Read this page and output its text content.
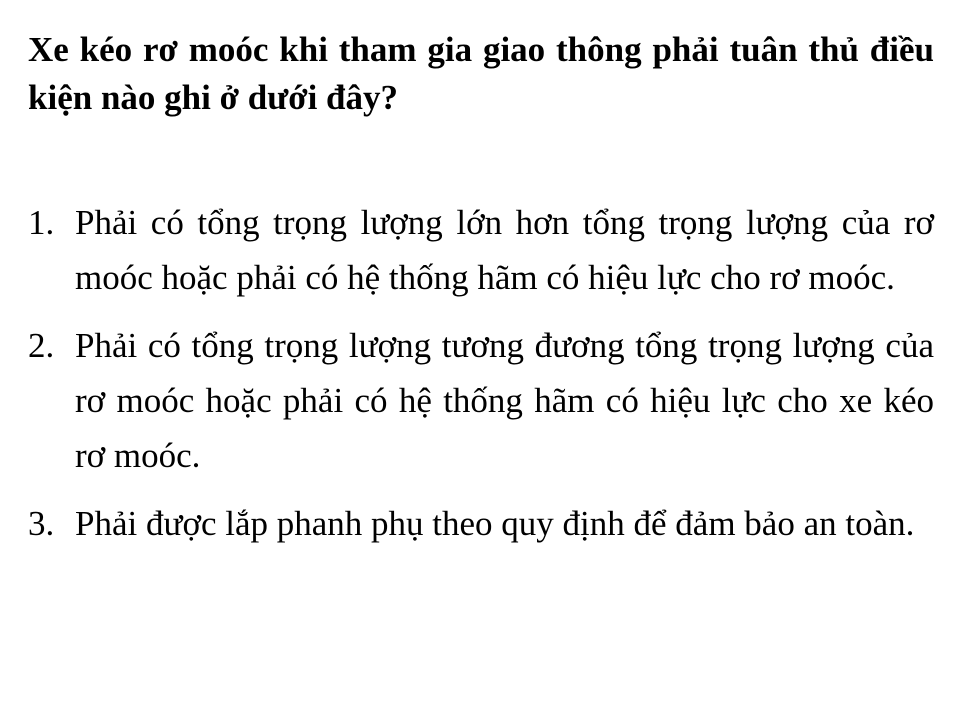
Xe kéo rơ moóc khi tham gia giao thông phải tuân thủ điều kiện nào ghi ở dưới đây?

1. Phải có tổng trọng lượng lớn hơn tổng trọng lượng của rơ moóc hoặc phải có hệ thống hãm có hiệu lực cho rơ moóc.
2. Phải có tổng trọng lượng tương đương tổng trọng lượng của rơ moóc hoặc phải có hệ thống hãm có hiệu lực cho xe kéo rơ moóc.
3. Phải được lắp phanh phụ theo quy định để đảm bảo an toàn.
